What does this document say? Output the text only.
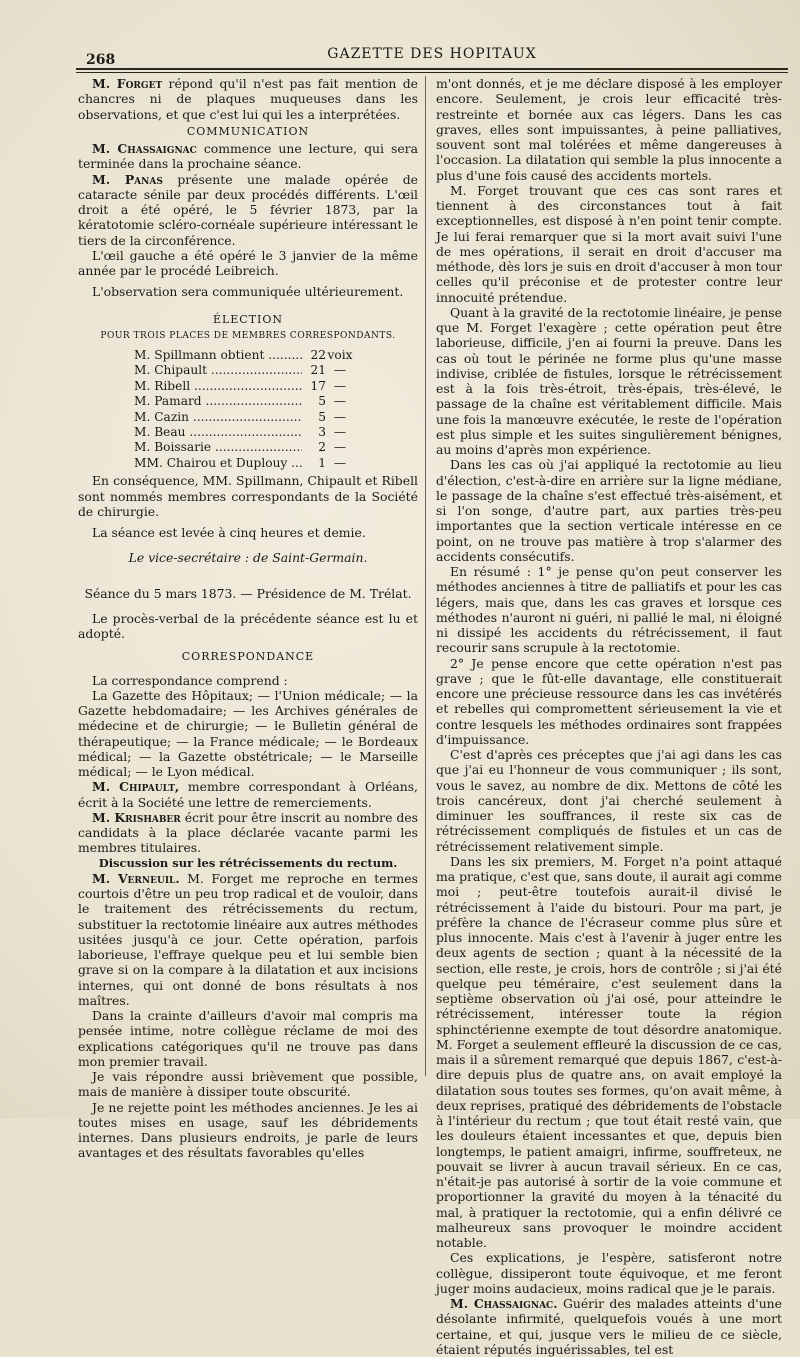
268	GAZETTE DES HOPITAUX

M. Forget répond qu'il n'est pas fait mention de chancres ni de plaques muqueuses dans les observations, et que c'est lui qui les a interprétées.

COMMUNICATION

M. Chassaignac commence une lecture, qui sera terminée dans la prochaine séance.

M. Panas présente une malade opérée de cataracte sénile par deux procédés différents. L'œil droit a été opéré, le 5 février 1873, par la kératotomie scléro-cornéale supérieure intéressant le tiers de la circonférence.

L'œil gauche a été opéré le 3 janvier de la même année par le procédé Leibreich.

L'observation sera communiquée ultérieurement.

ÉLECTION
POUR TROIS PLACES DE MEMBRES CORRESPONDANTS.
M. Spillmann obtient .....	22 voix
M. Chipault .....	21 —
M. Ribell .....	17 —
M. Pamard .....	5 —
M. Cazin .....	5 —
M. Beau .....	3 —
M. Boissarie .....	2 —
MM. Chairou et Duplouy .....	1 —

En conséquence, MM. Spillmann, Chipault et Ribell sont nommés membres correspondants de la Société de chirurgie.

La séance est levée à cinq heures et demie.

Le vice-secrétaire : de Saint-Germain.

Séance du 5 mars 1873. — Présidence de M. Trélat.

Le procès-verbal de la précédente séance est lu et adopté.

CORRESPONDANCE

La correspondance comprend :

La Gazette des Hôpitaux; — l'Union médicale; — la Gazette hebdomadaire; — les Archives générales de médecine et de chirurgie; — le Bulletin général de thérapeutique; — la France médicale; — le Bordeaux médical; — la Gazette obstétricale; — le Marseille médical; — le Lyon médical.

M. Chipault, membre correspondant à Orléans, écrit à la Société une lettre de remerciements.

M. Krishaber écrit pour être inscrit au nombre des candidats à la place déclarée vacante parmi les membres titulaires.

Discussion sur les rétrécissements du rectum.

M. Verneuil. M. Forget me reproche en termes courtois d'être un peu trop radical et de vouloir, dans le traitement des rétrécissements du rectum, substituer la rectotomie linéaire aux autres méthodes usitées jusqu'à ce jour. Cette opération, parfois laborieuse, l'effraye quelque peu et lui semble bien grave si on la compare à la dilatation et aux incisions internes, qui ont donné de bons résultats à nos maîtres.

Dans la crainte d'ailleurs d'avoir mal compris ma pensée intime, notre collègue réclame de moi des explications catégoriques qu'il ne trouve pas dans mon premier travail.

Je vais répondre aussi brièvement que possible, mais de manière à dissiper toute obscurité.

Je ne rejette point les méthodes anciennes. Je les ai toutes mises en usage, sauf les débridements internes. Dans plusieurs endroits, je parle de leurs avantages et des résultats favorables qu'elles

m'ont donnés, et je me déclare disposé à les employer encore. Seulement, je crois leur efficacité très-restreinte et bornée aux cas légers. Dans les cas graves, elles sont impuissantes, à peine palliatives, souvent sont mal tolérées et même dangereuses à l'occasion. La dilatation qui semble la plus innocente a plus d'une fois causé des accidents mortels.

M. Forget trouvant que ces cas sont rares et tiennent à des circonstances tout à fait exceptionnelles, est disposé à n'en point tenir compte. Je lui ferai remarquer que si la mort avait suivi l'une de mes opérations, il serait en droit d'accuser ma méthode, dès lors je suis en droit d'accuser à mon tour celles qu'il préconise et de protester contre leur innocuité prétendue.

Quant à la gravité de la rectotomie linéaire, je pense que M. Forget l'exagère ; cette opération peut être laborieuse, difficile, j'en ai fourni la preuve. Dans les cas où tout le périnée ne forme plus qu'une masse indivise, criblée de fistules, lorsque le rétrécissement est à la fois très-étroit, très-épais, très-élevé, le passage de la chaîne est véritablement difficile. Mais une fois la manœuvre exécutée, le reste de l'opération est plus simple et les suites singulièrement bénignes, au moins d'après mon expérience.

Dans les cas où j'ai appliqué la rectotomie au lieu d'élection, c'est-à-dire en arrière sur la ligne médiane, le passage de la chaîne s'est effectué très-aisément, et si l'on songe, d'autre part, aux parties très-peu importantes que la section verticale intéresse en ce point, on ne trouve pas matière à trop s'alarmer des accidents consécutifs.

En résumé : 1° je pense qu'on peut conserver les méthodes anciennes à titre de palliatifs et pour les cas légers, mais que, dans les cas graves et lorsque ces méthodes n'auront ni guéri, ni pallié le mal, ni éloigné ni dissipé les accidents du rétrécissement, il faut recourir sans scrupule à la rectotomie.

2° Je pense encore que cette opération n'est pas grave ; que le fût-elle davantage, elle constituerait encore une précieuse ressource dans les cas invétérés et rebelles qui compromettent sérieusement la vie et contre lesquels les méthodes ordinaires sont frappées d'impuissance.

C'est d'après ces préceptes que j'ai agi dans les cas que j'ai eu l'honneur de vous communiquer ; ils sont, vous le savez, au nombre de dix. Mettons de côté les trois cancéreux, dont j'ai cherché seulement à diminuer les souffrances, il reste six cas de rétrécissement compliqués de fistules et un cas de rétrécissement relativement simple.

Dans les six premiers, M. Forget n'a point attaqué ma pratique, c'est que, sans doute, il aurait agi comme moi ; peut-être toutefois aurait-il divisé le rétrécissement à l'aide du bistouri. Pour ma part, je préfère la chance de l'écraseur comme plus sûre et plus innocente. Mais c'est à l'avenir à juger entre les deux agents de section ; quant à la nécessité de la section, elle reste, je crois, hors de contrôle ; si j'ai été quelque peu téméraire, c'est seulement dans la septième observation où j'ai osé, pour atteindre le rétrécissement, intéresser toute la région sphinctérienne exempte de tout désordre anatomique. M. Forget a seulement effleuré la discussion de ce cas, mais il a sûrement remarqué que depuis 1867, c'est-à-dire depuis plus de quatre ans, on avait employé la dilatation sous toutes ses formes, qu'on avait même, à deux reprises, pratiqué des débridements de l'obstacle à l'intérieur du rectum ; que tout était resté vain, que les douleurs étaient incessantes et que, depuis bien longtemps, le patient amaigri, infirme, souffreteux, ne pouvait se livrer à aucun travail sérieux. En ce cas, n'était-je pas autorisé à sortir de la voie commune et proportionner la gravité du moyen à la ténacité du mal, à pratiquer la rectotomie, qui a enfin délivré ce malheureux sans provoquer le moindre accident notable.

Ces explications, je l'espère, satisferont notre collègue, dissiperont toute équivoque, et me feront juger moins audacieux, moins radical que je le parais.

M. Chassaignac. Guérir des malades atteints d'une désolante infirmité, quelquefois voués à une mort certaine, et qui, jusque vers le milieu de ce siècle, étaient réputés inguérissables, tel est
